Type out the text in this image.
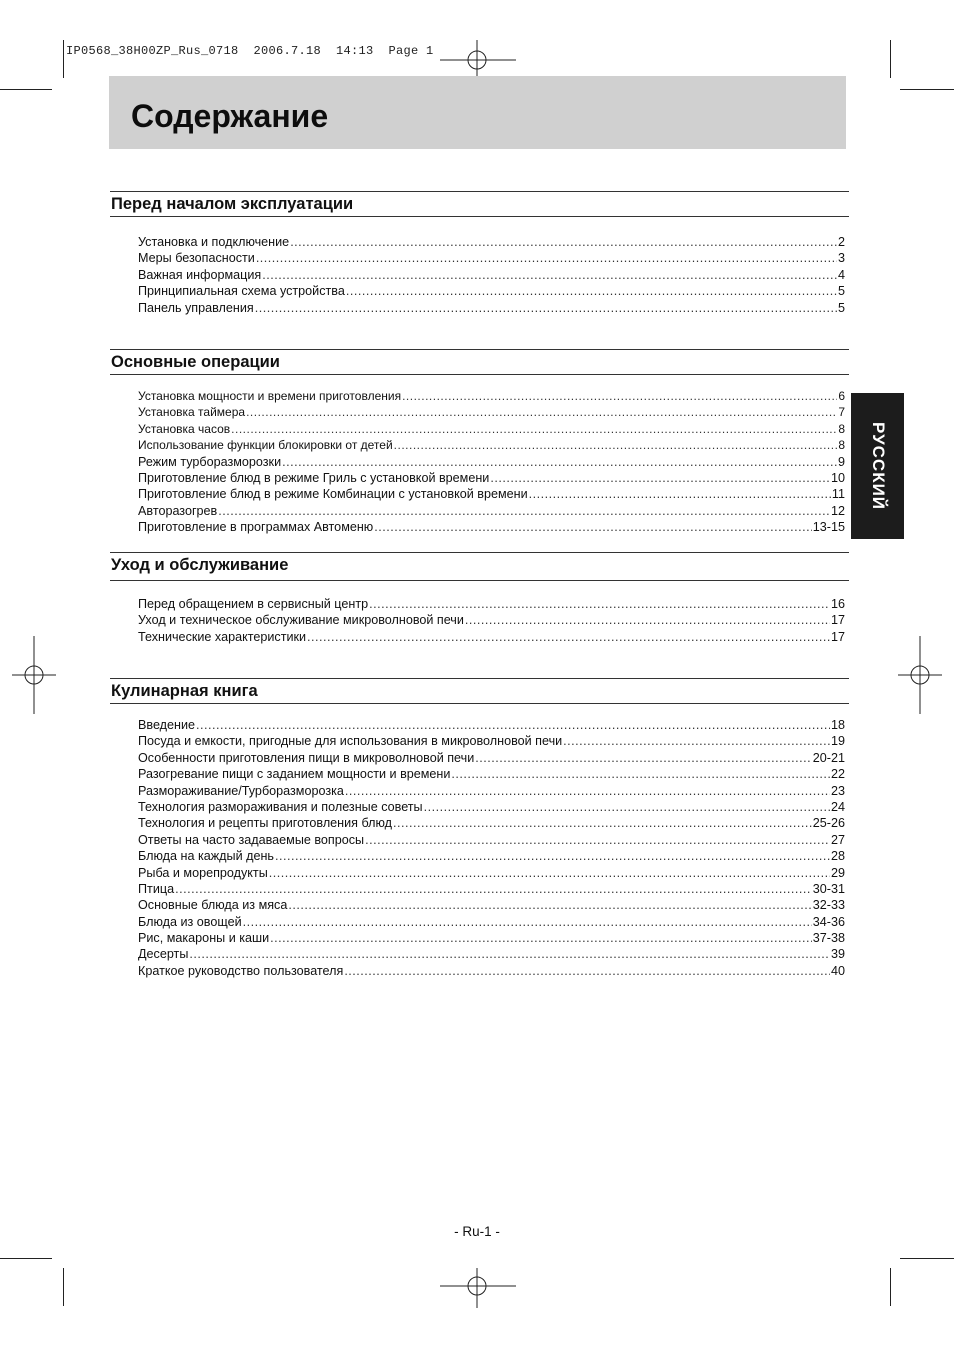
IP0568_38H00ZP_Rus_0718  2006.7.18  14:13  Page 1
Содержание
Перед началом эксплуатации
Установка и подключение .....	2
Меры безопасности .....	3
Важная информация .....	4
Принципиальная схема устройства .....	5
Панель управления .....	5
Основные операции
Установка мощности и времени приготовления .....	6
Установка таймера .....	7
Установка часов .....	8
Использование функции блокировки от детей .....	8
Режим турборазморозки .....	9
Приготовление блюд в режиме Гриль с установкой времени .....	10
Приготовление блюд в режиме Комбинации с установкой времени .....	11
Авторазогрев .....	12
Приготовление в программах Автоменю .....	13-15
Уход и обслуживание
Перед обращением в сервисный центр .....	16
Уход и техническое обслуживание микроволновой печи .....	17
Технические характеристики .....	17
Кулинарная книга
Введение .....	18
Посуда и емкости, пригодные для использования в микроволновой печи .....	19
Особенности приготовления пищи в микроволновой печи .....	20-21
Разогревание пищи с заданием мощности и времени .....	22
Размораживание/Турборазморозка .....	23
Технология размораживания и полезные советы .....	24
Технология и рецепты приготовления блюд .....	25-26
Ответы на часто задаваемые вопросы .....	27
Блюда на каждый день .....	28
Рыба и морепродукты .....	29
Птица .....	30-31
Основные блюда из мяса .....	32-33
Блюда из овощей .....	34-36
Рис, макароны и каши .....	37-38
Десерты .....	39
Краткое руководство пользователя .....	40
РУССКИЙ
- Ru-1 -
